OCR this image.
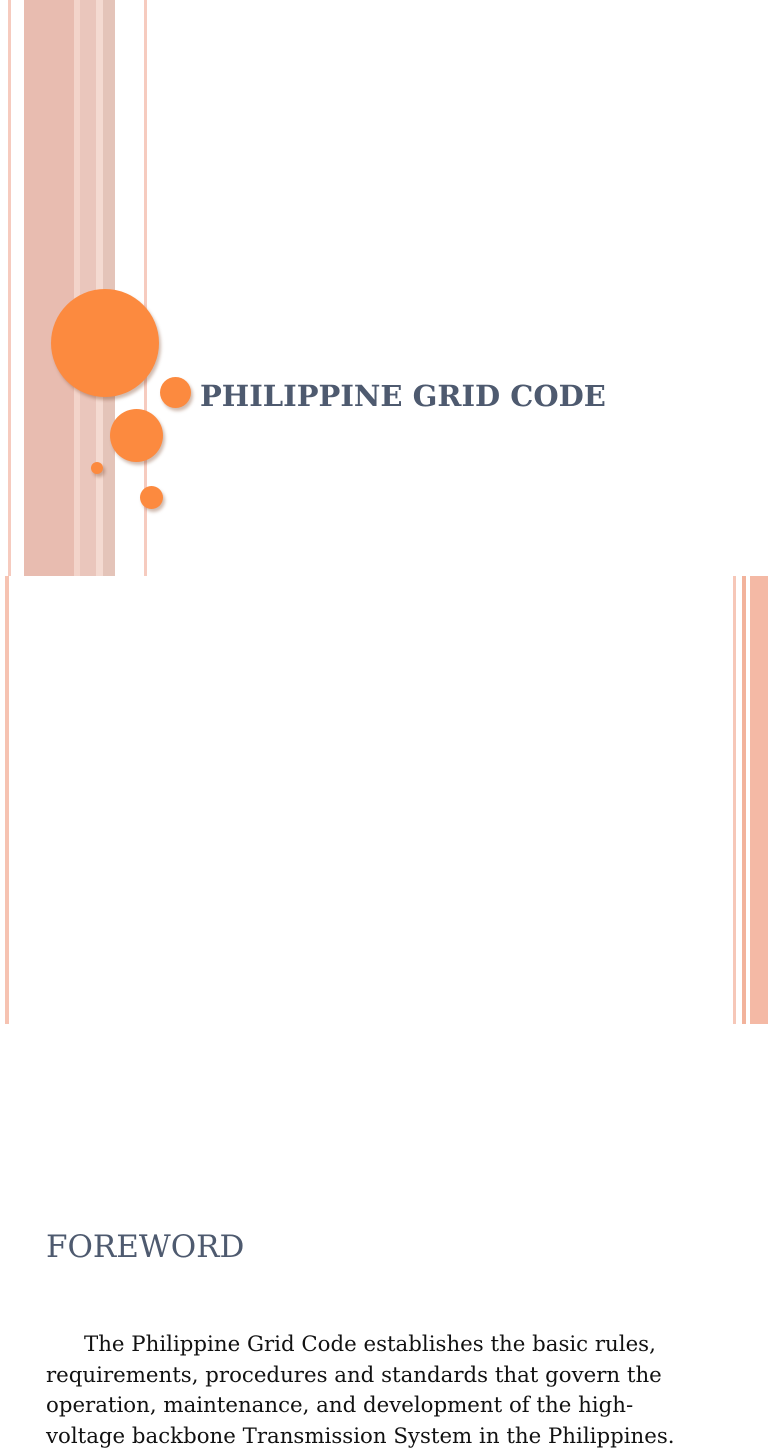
PHILIPPINE GRID CODE
FOREWORD

The Philippine Grid Code establishes the basic rules, requirements, procedures and standards that govern the operation, maintenance, and development of the high-voltage backbone Transmission System in the Philippines.
